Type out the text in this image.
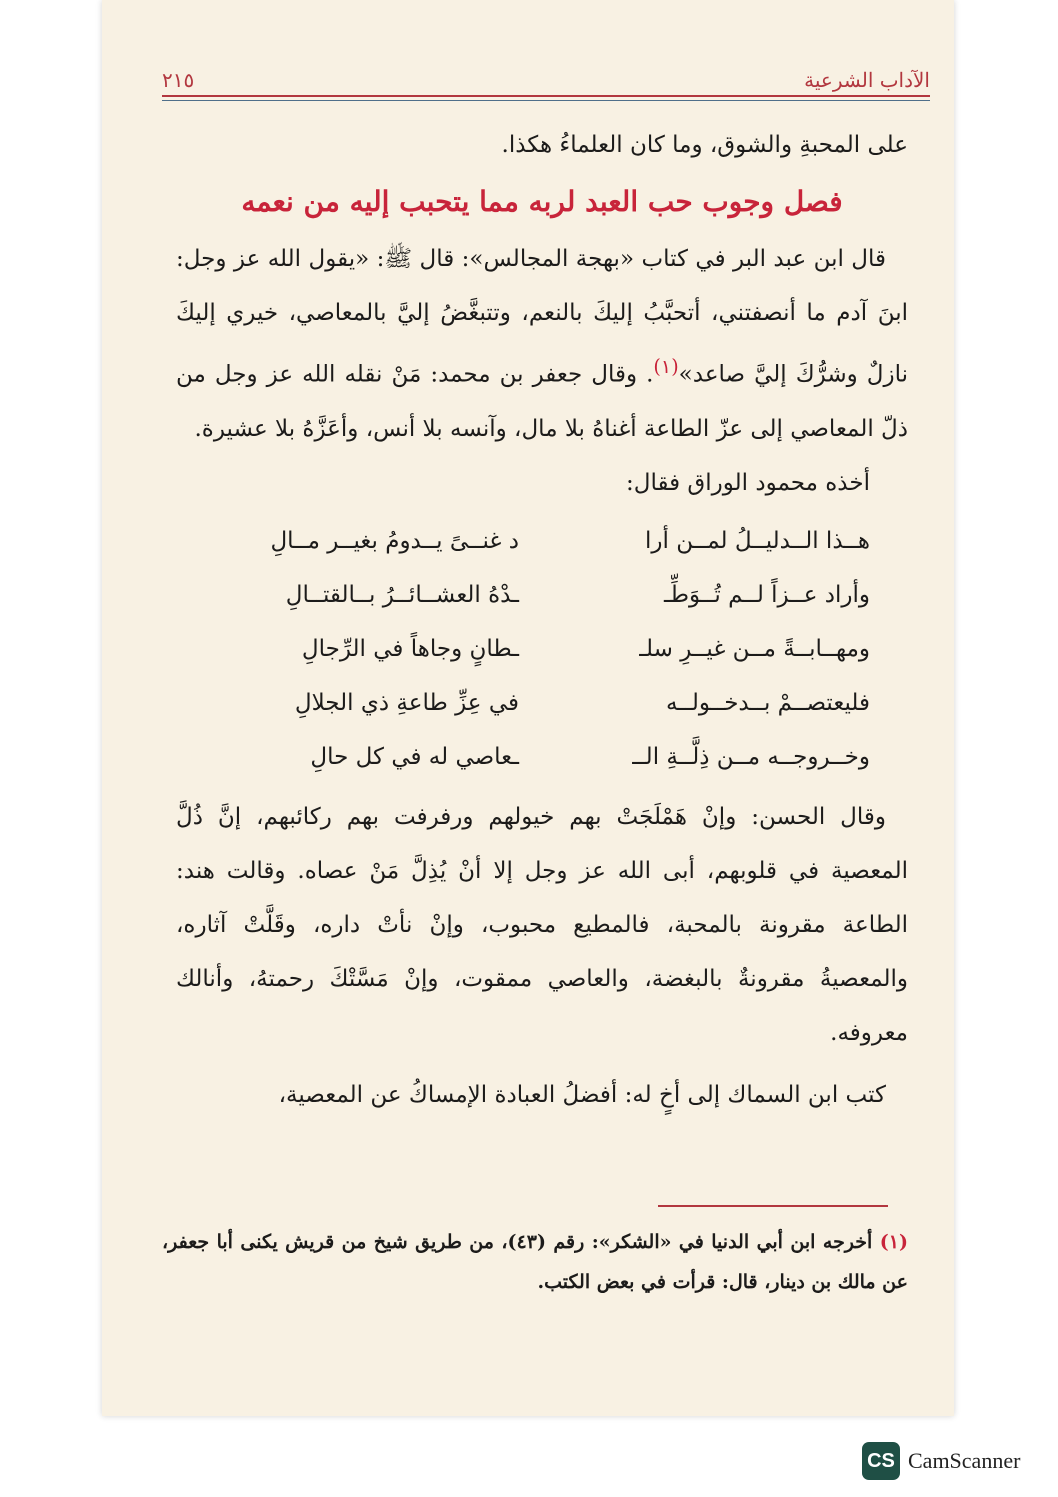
٢١٥	الآداب الشرعية

على المحبةِ والشوق، وما كان العلماءُ هكذا.

فصل وجوب حب العبد لربه مما يتحبب إليه من نعمه

قال ابن عبد البر في كتاب «بهجة المجالس»: قال ﷺ: «يقول الله عز وجل: ابنَ آدم ما أنصفتني، أتحبَّبُ إليكَ بالنعم، وتتبغَّضُ إليَّ بالمعاصي، خيري إليكَ نازلٌ وشرُّكَ إليَّ صاعد»$^{(١)}$. وقال جعفر بن محمد: مَنْ نقله الله عز وجل من ذلّ المعاصي إلى عزّ الطاعة أغناهُ بلا مال، وآنسه بلا أنس، وأعَزَّهُ بلا عشيرة.

أخذه محمود الوراق فقال:

هــذا الــدليــلُ لمــن أرا
د غنــىً يــدومُ بغيــر مــالِ
وأراد عــزاً لــم تُــوَطِّـ
ـدْهُ العشــائــرُ بــالقتــالِ
ومهــابــةً مــن غيــرِ سلـ
ـطانٍ وجاهاً في الرِّجالِ
فليعتصــمْ بــدخــولــه
في عِزِّ طاعةِ ذي الجلالِ
وخــروجــه مــن ذِلَّــةِ الــ
ـعاصي له في كل حالِ

وقال الحسن: وإنْ هَمْلَجَتْ بهم خيولهم ورفرفت بهم ركائبهم، إنَّ ذُلَّ المعصية في قلوبهم، أبى الله عز وجل إلا أنْ يُذِلَّ مَنْ عصاه. وقالت هند: الطاعة مقرونة بالمحبة، فالمطيع محبوب، وإنْ نأتْ داره، وقَلَّتْ آثاره، والمعصيةُ مقرونةٌ بالبغضة، والعاصي ممقوت، وإنْ مَسَّتْكَ رحمتهُ، وأنالك معروفه.

كتب ابن السماك إلى أخٍ له: أفضلُ العبادة الإمساكُ عن المعصية،

(١) أخرجه ابن أبي الدنيا في «الشكر»: رقم (٤٣)، من طريق شيخ من قريش يكنى أبا جعفر، عن مالك بن دينار، قال: قرأت في بعض الكتب.
CS CamScanner
